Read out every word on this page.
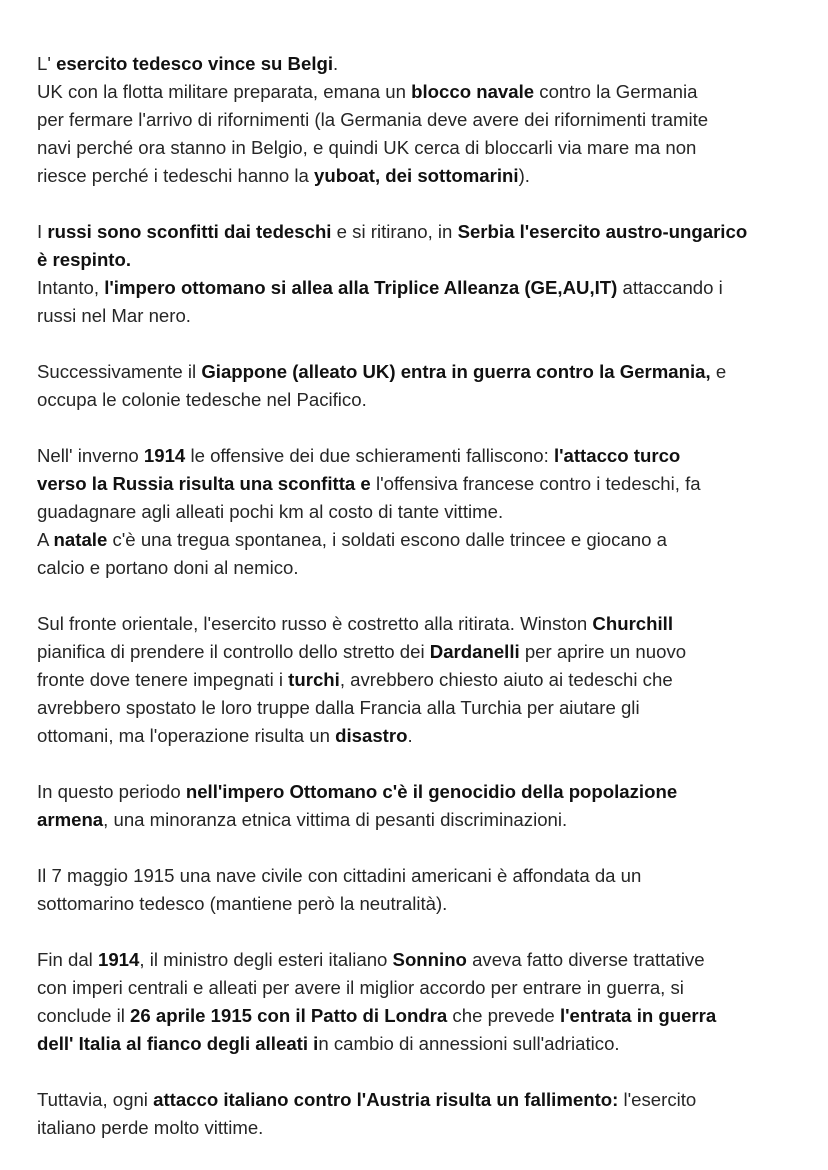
L' esercito tedesco vince su Belgi.
UK con la flotta militare preparata, emana un blocco navale contro la Germania
per fermare l'arrivo di rifornimenti (la Germania deve avere dei rifornimenti tramite
navi perché ora stanno in Belgio, e quindi UK cerca di bloccarli via mare ma non
riesce perché i tedeschi hanno la yuboat, dei sottomarini).
I russi sono sconfitti dai tedeschi e si ritirano, in Serbia l'esercito austro-ungarico
è respinto.
Intanto, l'impero ottomano si allea alla Triplice Alleanza (GE,AU,IT) attaccando i
russi nel Mar nero.
Successivamente il Giappone (alleato UK) entra in guerra contro la Germania, e
occupa le colonie tedesche nel Pacifico.
Nell' inverno 1914 le offensive dei due schieramenti falliscono: l'attacco turco
verso la Russia risulta una sconfitta e l'offensiva francese contro i tedeschi, fa
guadagnare agli alleati pochi km al costo di tante vittime.
A natale c'è una tregua spontanea, i soldati escono dalle trincee e giocano a
calcio e portano doni al nemico.
Sul fronte orientale, l'esercito russo è costretto alla ritirata. Winston Churchill
pianifica di prendere il controllo dello stretto dei Dardanelli per aprire un nuovo
fronte dove tenere impegnati i turchi, avrebbero chiesto aiuto ai tedeschi che
avrebbero spostato le loro truppe dalla Francia alla Turchia per aiutare gli
ottomani, ma l'operazione risulta un disastro.
In questo periodo nell'impero Ottomano c'è il genocidio della popolazione
armena, una minoranza etnica vittima di pesanti discriminazioni.
Il 7 maggio 1915 una nave civile con cittadini americani è affondata da un
sottomarino tedesco (mantiene però la neutralità).
Fin dal 1914, il ministro degli esteri italiano Sonnino aveva fatto diverse trattative
con imperi centrali e alleati per avere il miglior accordo per entrare in guerra, si
conclude il 26 aprile 1915 con il Patto di Londra che prevede l'entrata in guerra
dell' Italia al fianco degli alleati in cambio di annessioni sull'adriatico.
Tuttavia, ogni attacco italiano contro l'Austria risulta un fallimento: l'esercito
italiano perde molto vittime.
